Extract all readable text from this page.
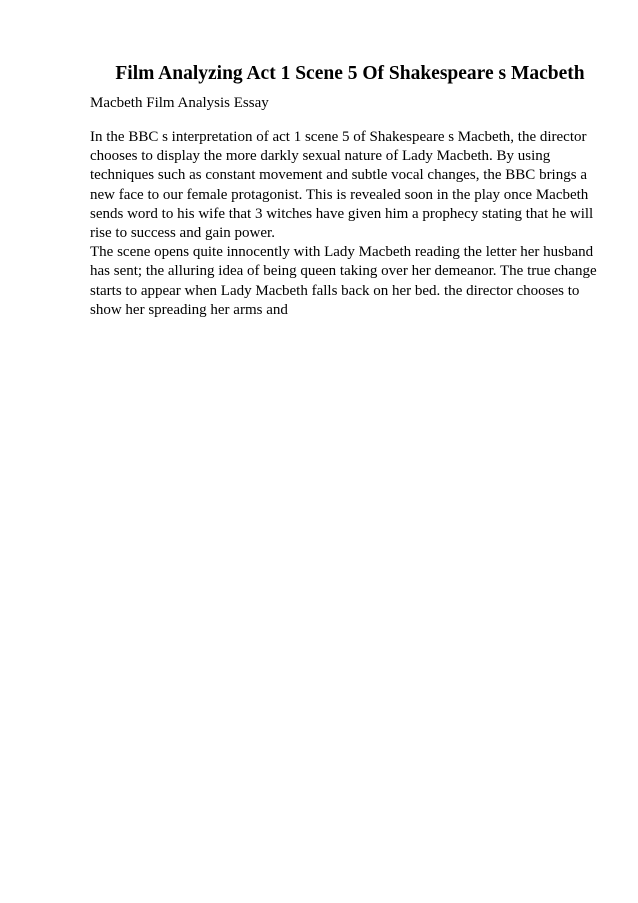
Film Analyzing Act 1 Scene 5 Of Shakespeare s Macbeth

Macbeth Film Analysis Essay

In the BBC s interpretation of act 1 scene 5 of Shakespeare s Macbeth, the director
chooses to display the more darkly sexual nature of Lady Macbeth. By using
techniques such as constant movement and subtle vocal changes, the BBC brings a
new face to our female protagonist. This is revealed soon in the play once Macbeth
sends word to his wife that 3 witches have given him a prophecy stating that he will
rise to success and gain power.
The scene opens quite innocently with Lady Macbeth reading the letter her husband
has sent; the alluring idea of being queen taking over her demeanor. The true change
starts to appear when Lady Macbeth falls back on her bed. the director chooses to
show her spreading her arms and
